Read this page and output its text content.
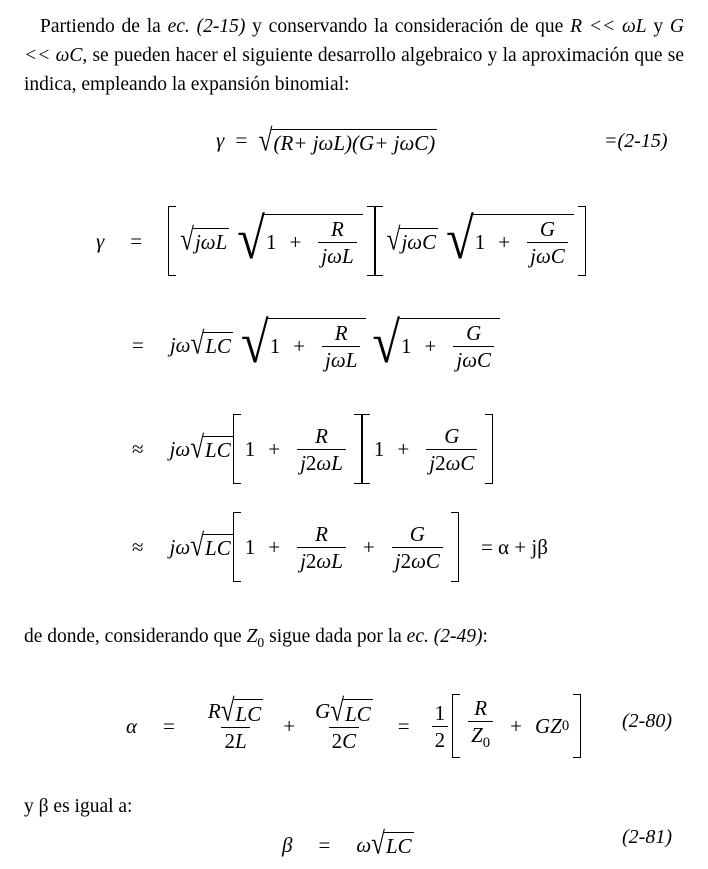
Partiendo de la ec. (2-15) y conservando la consideración de que R << ωL y G << ωC, se pueden hacer el siguiente desarrollo algebraico y la aproximación que se indica, empleando la expansión binomial:
γ = √ (R+ jωL)(G+ jωC)	=(2-15)
γ = √ jωL √ $1 + \frac{R}{\text{jωL}}$ √ jωC √ $1 + \frac{G}{\text{jωC}}$
= jω √ LC √ $1 + \frac{R}{\text{jωL}}$ √ $1 + \frac{G}{\text{jωC}}$
≈ jω √ LC $1 + \frac{R}{j2\omega L}$	$1 + \frac{G}{j2\omega C}$
≈ jω √ LC $1 + \frac{R}{j2\omega L} + \frac{G}{j2\omega C} = \alpha + j\beta$
de donde, considerando que $Z_0$ sigue dada por la ec. (2-49):
$\alpha = \frac{R √ LC}{2L} + \frac{G √ LC}{2C} = \frac{1}{2} \frac{R}{Z_0}$ + GZ 0	(2-80)
y β es igual a:
β = ω √ LC	(2-81)
